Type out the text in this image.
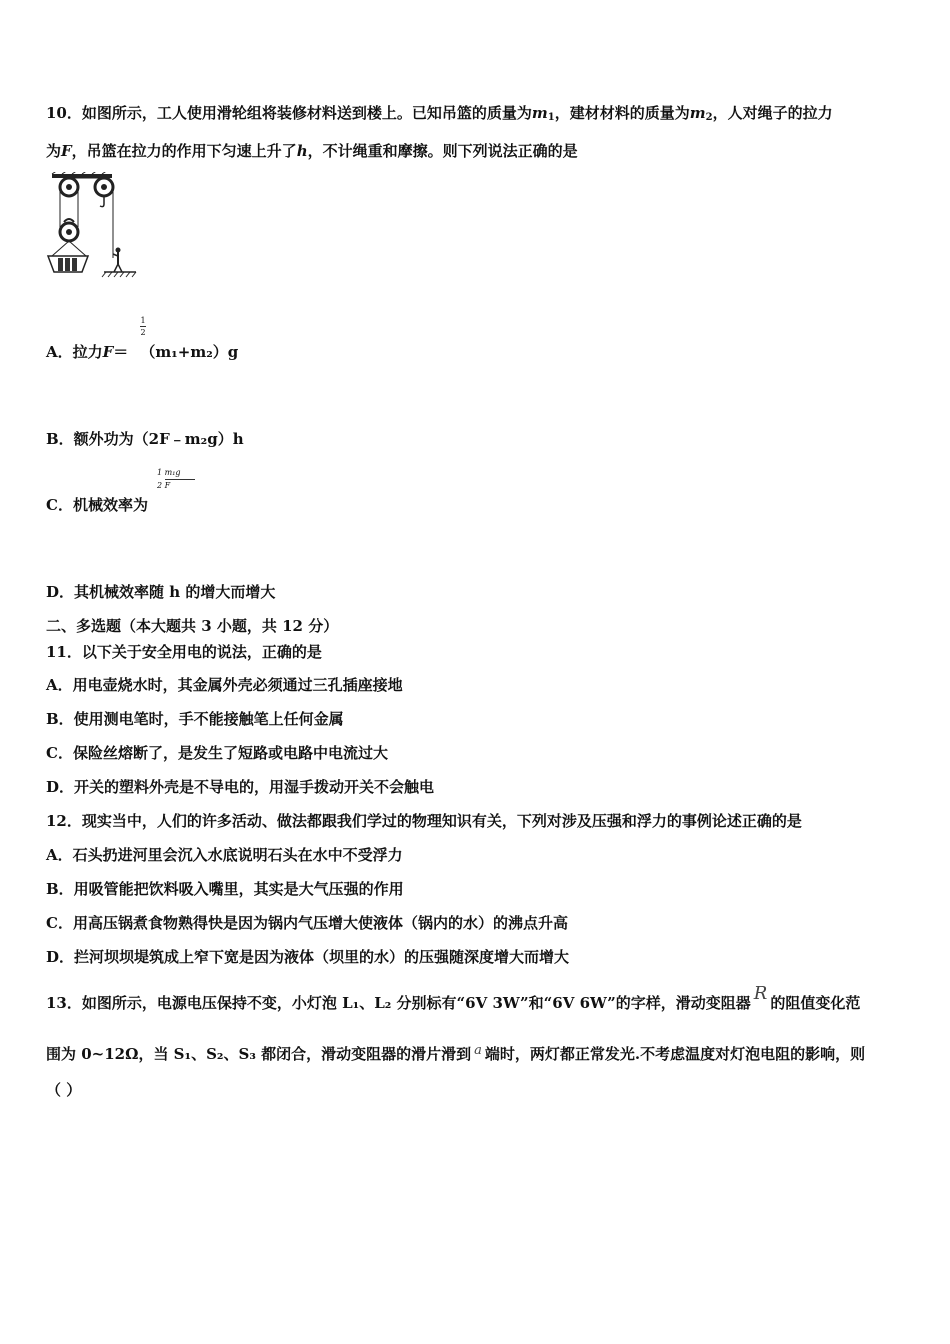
10．如图所示，工人使用滑轮组将装修材料送到楼上。已知吊篮的质量为$m_1$，建材材料的质量为$m_2$，人对绳子的拉力
为F，吊篮在拉力的作用下匀速上升了h，不计绳重和摩擦。则下列说法正确的是
A．拉力F＝ （m₁+m₂）g
1
2
B．额外功为（2F﹣m₂g）h
C．机械效率为
1 m₁g
2 F
D．其机械效率随 h 的增大而增大
二、多选题（本大题共 3 小题，共 12 分）
11．以下关于安全用电的说法，正确的是
A．用电壶烧水时，其金属外壳必须通过三孔插座接地
B．使用测电笔时，手不能接触笔上任何金属
C．保险丝熔断了，是发生了短路或电路中电流过大
D．开关的塑料外壳是不导电的，用湿手拨动开关不会触电
12．现实当中，人们的许多活动、做法都跟我们学过的物理知识有关，下列对涉及压强和浮力的事例论述正确的是
A．石头扔进河里会沉入水底说明石头在水中不受浮力
B．用吸管能把饮料吸入嘴里，其实是大气压强的作用
C．用高压锅煮食物熟得快是因为锅内气压增大使液体（锅内的水）的沸点升高
D．拦河坝坝堤筑成上窄下宽是因为液体（坝里的水）的压强随深度增大而增大
13．如图所示，电源电压保持不变，小灯泡 L₁、L₂ 分别标有“6V 3W”和“6V 6W”的字样，滑动变阻器 R 的阻值变化范
围为 0~12Ω，当 S₁、S₂、S₃ 都闭合，滑动变阻器的滑片滑到 a 端时，两灯都正常发光.不考虑温度对灯泡电阻的影响，则
（ ）
